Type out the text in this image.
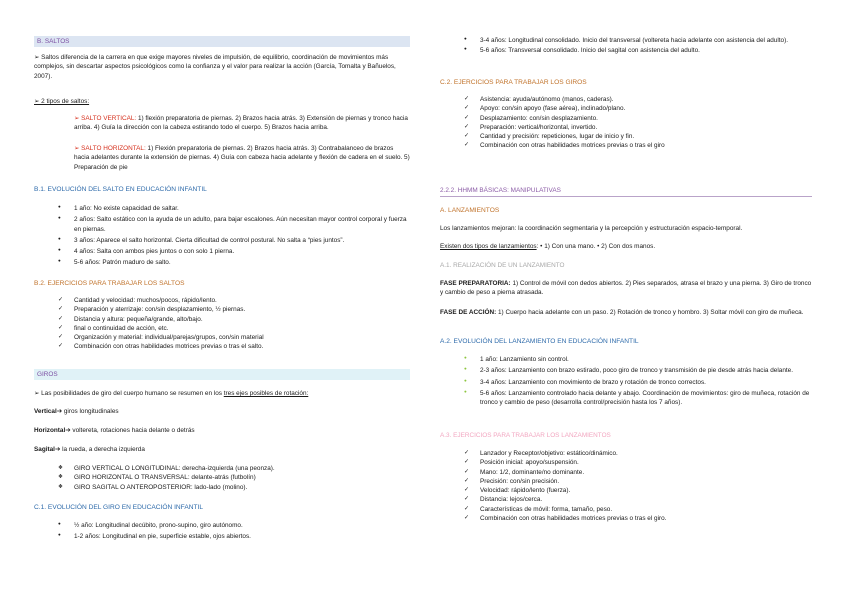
B. SALTOS

➢ Saltos diferencia de la carrera en que exige mayores niveles de impulsión, de equilibrio, coordinación de movimientos más complejos, sin descartar aspectos psicológicos como la confianza y el valor para realizar la acción (García, Tomalta y Bañuelos, 2007).

➢ 2 tipos de saltos:

➢ SALTO VERTICAL: 1) flexión preparatoria de piernas. 2) Brazos hacia atrás. 3) Extensión de piernas y tronco hacia arriba. 4) Guía la dirección con la cabeza estirando todo el cuerpo. 5) Brazos hacia arriba.

➢ SALTO HORIZONTAL: 1) Flexión preparatoria de piernas. 2) Brazos hacia atrás. 3) Contrabalanceo de brazos hacia adelantes durante la extensión de piernas. 4) Guía con cabeza hacia adelante y flexión de cadera en el suelo. 5) Preparación de pie

B.1. EVOLUCIÓN DEL SALTO EN EDUCACIÓN INFANTIL
● 1 año: No existe capacidad de saltar.
● 2 años: Salto estático con la ayuda de un adulto, para bajar escalones. Aún necesitan mayor control corporal y fuerza en piernas.
● 3 años: Aparece el salto horizontal. Cierta dificultad de control postural. No salta a “pies juntos”.
● 4 años: Salta con ambos pies juntos o con solo 1 pierna.
● 5-6 años: Patrón maduro de salto.
B.2. EJERCICIOS PARA TRABAJAR LOS SALTOS
✓ Cantidad y velocidad: muchos/pocos, rápido/lento.
✓ Preparación y aterrizaje: con/sin desplazamiento, ½ piernas.
✓ Distancia y altura: pequeña/grande, alto/bajo.
✓ final o continuidad de acción, etc.
✓ Organización y material: individual/parejas/grupos, con/sin material
✓ Combinación con otras habilidades motrices previas o tras el salto.
GIROS

➢ Las posibilidades de giro del cuerpo humano se resumen en los tres ejes posibles de rotación:

Vertical➔ giros longitudinales

Horizontal➔ voltereta, rotaciones hacia delante o detrás

Sagital➔ la rueda, a derecha izquierda

❖ GIRO VERTICAL O LONGITUDINAL: derecha-izquierda (una peonza).
❖ GIRO HORIZONTAL O TRANSVERSAL: delante-atrás (futbolín)
❖ GIRO SAGITAL O ANTEROPOSTERIOR: lado-lado (molino).
C.1. EVOLUCIÓN DEL GIRO EN EDUCACIÓN INFANTIL
● ½ año: Longitudinal decúbito, prono-supino, giro autónomo.
● 1-2 años: Longitudinal en pie, superficie estable, ojos abiertos.
● 3-4 años: Longitudinal consolidado. Inicio del transversal (voltereta hacia adelante con asistencia del adulto).
● 5-6 años: Transversal consolidado. Inicio del sagital con asistencia del adulto.
C.2. EJERCICIOS PARA TRABAJAR LOS GIROS
✓ Asistencia: ayuda/autónomo (manos, caderas).
✓ Apoyo: con/sin apoyo (fase aérea), inclinado/plano.
✓ Desplazamiento: con/sin desplazamiento.
✓ Preparación: vertical/horizontal, invertido.
✓ Cantidad y precisión: repeticiones, lugar de inicio y fin.
✓ Combinación con otras habilidades motrices previas o tras el giro
2.2.2. HHMM BÁSICAS: MANIPULATIVAS
A. LANZAMIENTOS

Los lanzamientos mejoran: la coordinación segmentaria y la percepción y estructuración espacio-temporal.

Existen dos tipos de lanzamientos: • 1) Con una mano. • 2) Con dos manos.

A.1. REALIZACIÓN DE UN LANZAMIENTO

FASE PREPARATORIA: 1) Control de móvil con dedos abiertos. 2) Pies separados, atrasa el brazo y una pierna. 3) Giro de tronco y cambio de peso a pierna atrasada.

FASE DE ACCIÓN: 1) Cuerpo hacia adelante con un paso. 2) Rotación de tronco y hombro. 3) Soltar móvil con giro de muñeca.

A.2. EVOLUCIÓN DEL LANZAMIENTO EN EDUCACIÓN INFANTIL
● 1 año: Lanzamiento sin control.
● 2-3 años: Lanzamiento con brazo estirado, poco giro de tronco y transmisión de pie desde atrás hacia delante.
● 3-4 años: Lanzamiento con movimiento de brazo y rotación de tronco correctos.
● 5-6 años: Lanzamiento controlado hacia delante y abajo. Coordinación de movimientos: giro de muñeca, rotación de tronco y cambio de peso (desarrolla control/precisión hasta los 7 años).
A.3. EJERCICIOS PARA TRABAJAR LOS LANZAMIENTOS
✓ Lanzador y Receptor/objetivo: estático/dinámico.
✓ Posición inicial: apoyo/suspensión.
✓ Mano: 1/2, dominante/no dominante.
✓ Precisión: con/sin precisión.
✓ Velocidad: rápido/lento (fuerza).
✓ Distancia: lejos/cerca.
✓ Características de móvil: forma, tamaño, peso.
✓ Combinación con otras habilidades motrices previas o tras el giro.
